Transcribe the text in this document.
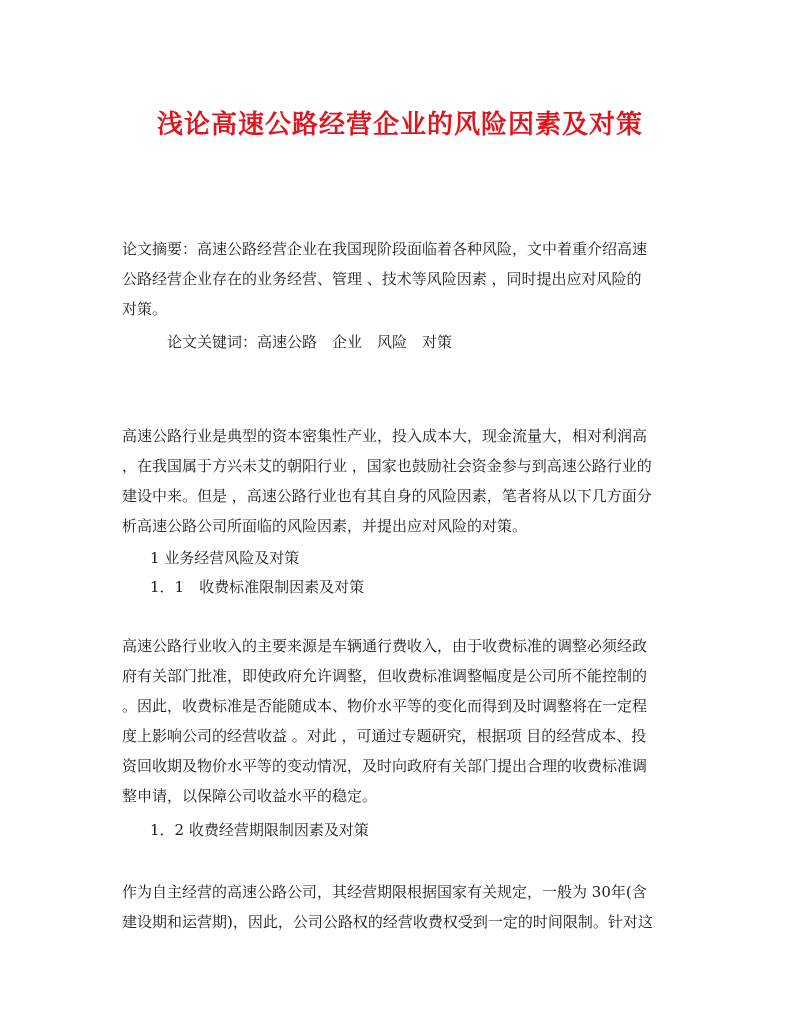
浅论高速公路经营企业的风险因素及对策
论文摘要：高速公路经营企业在我国现阶段面临着各种风险，文中着重介绍高速
公路经营企业存在的业务经营、管理 、技术等风险因素 ，同时提出应对风险的
对策。
论文关键词：高速公路　企业　风险　对策
高速公路行业是典型的资本密集性产业，投入成本大，现金流量大，相对利润高
，在我国属于方兴未艾的朝阳行业 ，国家也鼓励社会资金参与到高速公路行业的
建设中来。但是 ，高速公路行业也有其自身的风险因素，笔者将从以下几方面分
析高速公路公司所面临的风险因素，并提出应对风险的对策。
1 业务经营风险及对策
1．1　收费标准限制因素及对策
高速公路行业收入的主要来源是车辆通行费收入，由于收费标准的调整必须经政
府有关部门批准，即使政府允许调整，但收费标准调整幅度是公司所不能控制的
。因此，收费标准是否能随成本、物价水平等的变化而得到及时调整将在一定程
度上影响公司的经营收益 。对此 ，可通过专题研究，根据项 目的经营成本、投
资回收期及物价水平等的变动情况，及时向政府有关部门提出合理的收费标准调
整申请，以保障公司收益水平的稳定。
1．2 收费经营期限制因素及对策
作为自主经营的高速公路公司，其经营期限根据国家有关规定，一般为 30年(含
建设期和运营期)，因此，公司公路权的经营收费权受到一定的时间限制。针对这
